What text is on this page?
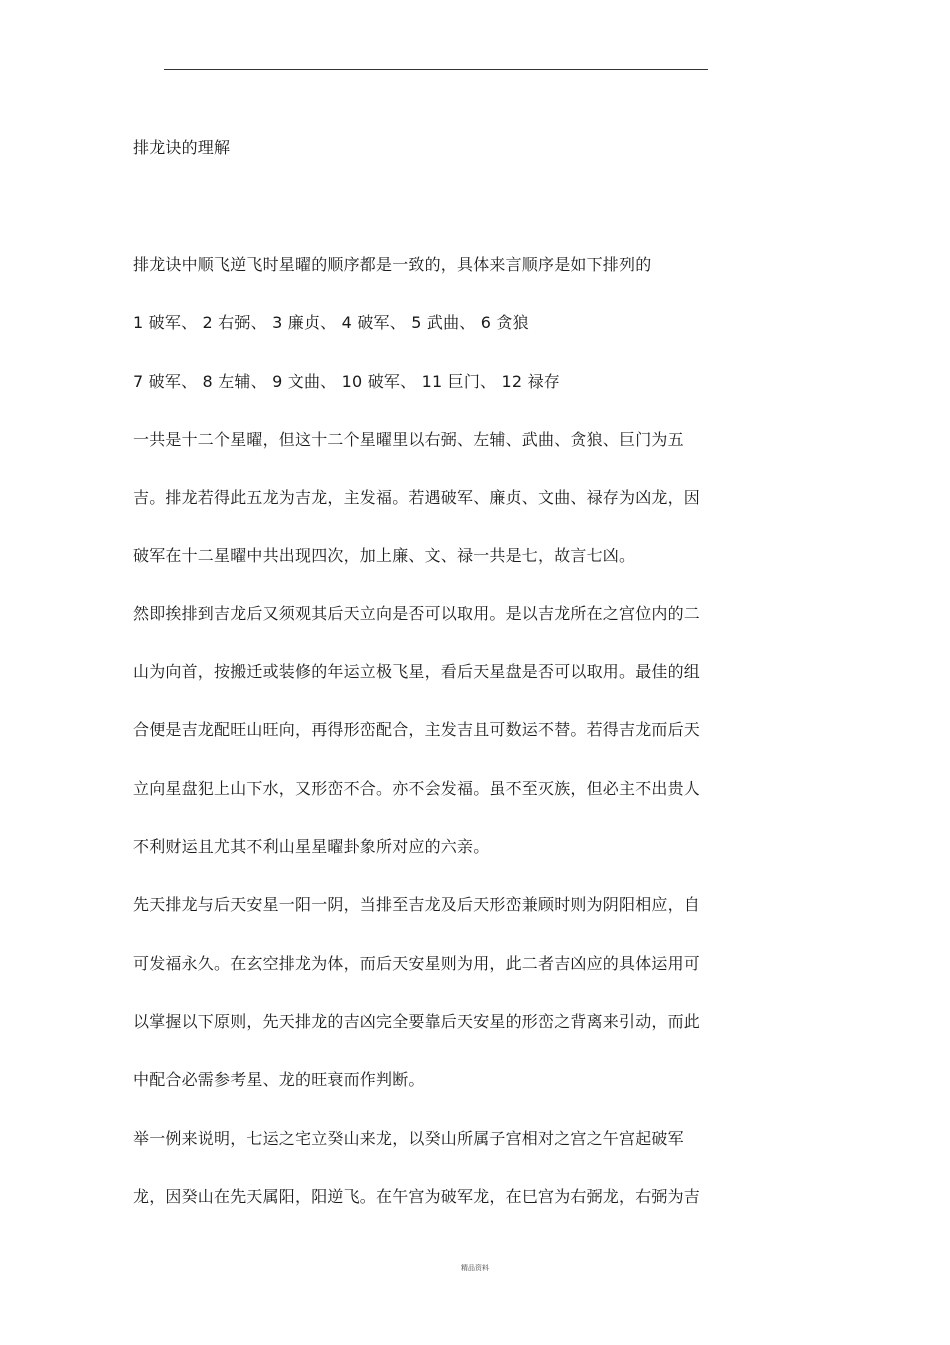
排龙诀的理解
排龙诀中顺飞逆飞时星曜的顺序都是一致的，具体来言顺序是如下排列的
1 破军、 2 右弼、 3 廉贞、 4 破军、 5 武曲、 6 贪狼
7 破军、 8 左辅、 9 文曲、 10 破军、 11 巨门、 12 禄存
一共是十二个星曜，但这十二个星曜里以右弼、左辅、武曲、贪狼、巨门为五
吉。排龙若得此五龙为吉龙，主发福。若遇破军、廉贞、文曲、禄存为凶龙，因
破军在十二星曜中共出现四次，加上廉、文、禄一共是七，故言七凶。
然即挨排到吉龙后又须观其后天立向是否可以取用。是以吉龙所在之宫位内的二
山为向首，按搬迁或装修的年运立极飞星，看后天星盘是否可以取用。最佳的组
合便是吉龙配旺山旺向，再得形峦配合，主发吉且可数运不替。若得吉龙而后天
立向星盘犯上山下水，又形峦不合。亦不会发福。虽不至灭族，但必主不出贵人
不利财运且尤其不利山星星曜卦象所对应的六亲。
先天排龙与后天安星一阳一阴，当排至吉龙及后天形峦兼顾时则为阴阳相应，自
可发福永久。在玄空排龙为体，而后天安星则为用，此二者吉凶应的具体运用可
以掌握以下原则，先天排龙的吉凶完全要靠后天安星的形峦之背离来引动，而此
中配合必需参考星、龙的旺衰而作判断。
举一例来说明，七运之宅立癸山来龙，以癸山所属子宫相对之宫之午宫起破军
龙，因癸山在先天属阳，阳逆飞。在午宫为破军龙，在巳宫为右弼龙，右弼为吉
精品资料
